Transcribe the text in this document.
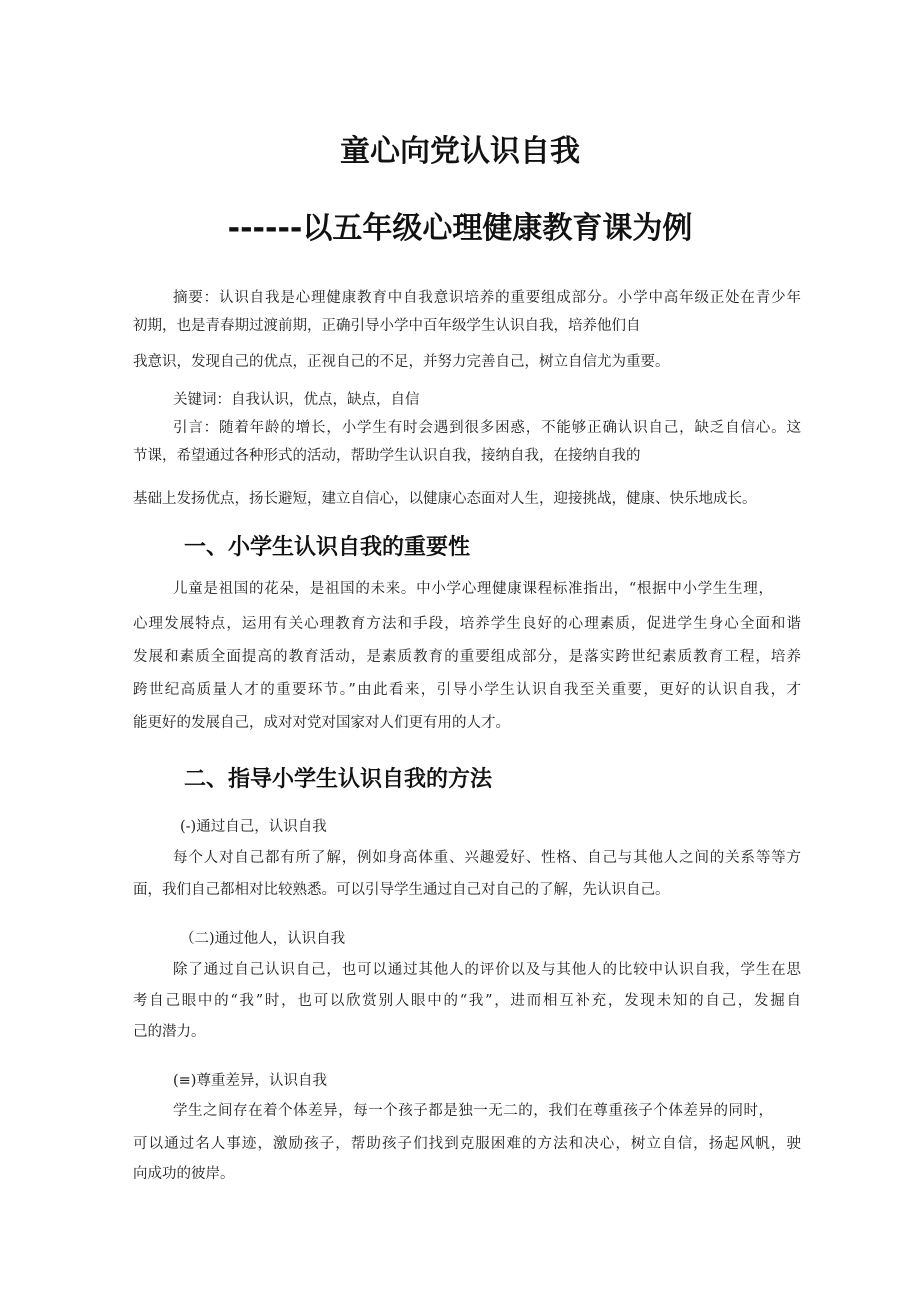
童心向党认识自我
------以五年级心理健康教育课为例

摘要：认识自我是心理健康教育中自我意识培养的重要组成部分。小学中高年级正处在青少年

初期，也是青春期过渡前期，正确引导小学中百年级学生认识自我，培养他们自

我意识，发现自己的优点，正视自己的不足，并努力完善自己，树立自信尤为重要。

关键词：自我认识，优点，缺点，自信

引言：随着年龄的增长，小学生有时会遇到很多困惑，不能够正确认识自己，缺乏自信心。这

节课，希望通过各种形式的活动，帮助学生认识自我，接纳自我，在接纳自我的

基础上发扬优点，扬长避短，建立自信心，以健康心态面对人生，迎接挑战，健康、快乐地成长。

一、小学生认识自我的重要性

儿童是祖国的花朵，是祖国的未来。中小学心理健康课程标准指出，“根据中小学生生理，

心理发展特点，运用有关心理教育方法和手段，培养学生良好的心理素质，促进学生身心全面和谐

发展和素质全面提高的教育活动，是素质教育的重要组成部分，是落实跨世纪素质教育工程，培养

跨世纪高质量人才的重要环节。”由此看来，引导小学生认识自我至关重要，更好的认识自我，才

能更好的发展自己，成对对党对国家对人们更有用的人才。

二、指导小学生认识自我的方法

(-)通过自己，认识自我

每个人对自己都有所了解，例如身高体重、兴趣爱好、性格、自己与其他人之间的关系等等方

面，我们自己都相对比较熟悉。可以引导学生通过自己对自己的了解，先认识自己。

（二)通过他人，认识自我

除了通过自己认识自己，也可以通过其他人的评价以及与其他人的比较中认识自我，学生在思

考自己眼中的“我”时，也可以欣赏别人眼中的“我”，进而相互补充，发现未知的自己，发掘自

己的潜力。

(≡)尊重差异，认识自我

学生之间存在着个体差异，每一个孩子都是独一无二的，我们在尊重孩子个体差异的同时，

可以通过名人事迹，激励孩子，帮助孩子们找到克服困难的方法和决心，树立自信，扬起风帆，驶

向成功的彼岸。
